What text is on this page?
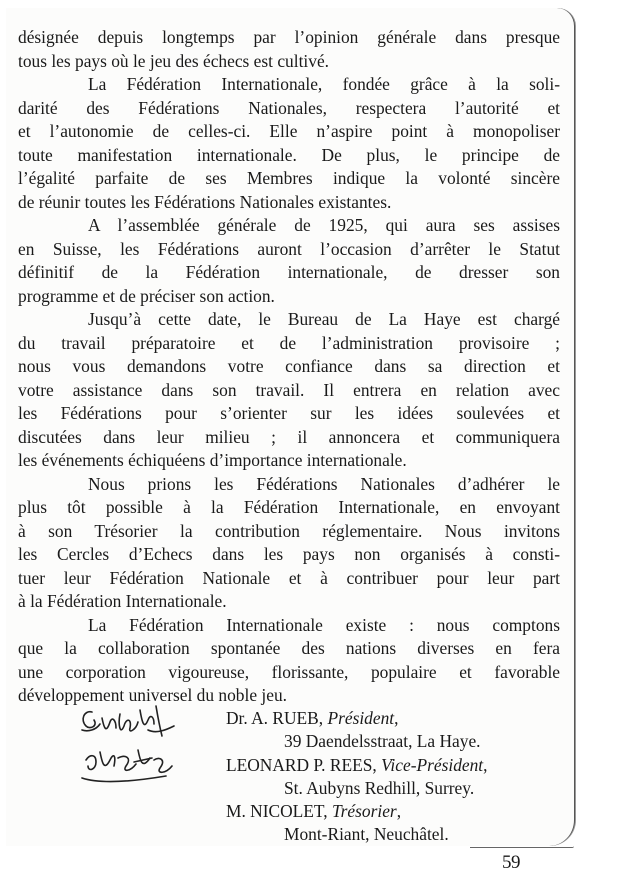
désignée depuis longtemps par l’opinion générale dans presque
tous les pays où le jeu des échecs est cultivé.
La Fédération Internationale, fondée grâce à la soli-
darité des Fédérations Nationales, respectera l’autorité et
et l’autonomie de celles-ci. Elle n’aspire point à monopoliser
toute manifestation internationale. De plus, le principe de
l’égalité parfaite de ses Membres indique la volonté sincère
de réunir toutes les Fédérations Nationales existantes.
A l’assemblée générale de 1925, qui aura ses assises
en Suisse, les Fédérations auront l’occasion d’arrêter le Statut
définitif de la Fédération internationale, de dresser son
programme et de préciser son action.
Jusqu’à cette date, le Bureau de La Haye est chargé
du travail préparatoire et de l’administration provisoire ;
nous vous demandons votre confiance dans sa direction et
votre assistance dans son travail. Il entrera en relation avec
les Fédérations pour s’orienter sur les idées soulevées et
discutées dans leur milieu ; il annoncera et communiquera
les événements échiquéens d’importance internationale.
Nous prions les Fédérations Nationales d’adhérer le
plus tôt possible à la Fédération Internationale, en envoyant
à son Trésorier la contribution réglementaire. Nous invitons
les Cercles d’Echecs dans les pays non organisés à consti-
tuer leur Fédération Nationale et à contribuer pour leur part
à la Fédération Internationale.
La Fédération Internationale existe : nous comptons
que la collaboration spontanée des nations diverses en fera
une corporation vigoureuse, florissante, populaire et favorable
développement universel du noble jeu.
Dr. A. RUEB, Président,
39 Daendelsstraat, La Haye.
LEONARD P. REES, Vice-Président,
St. Aubyns Redhill, Surrey.
M. NICOLET, Trésorier,
Mont-Riant, Neuchâtel.
59
